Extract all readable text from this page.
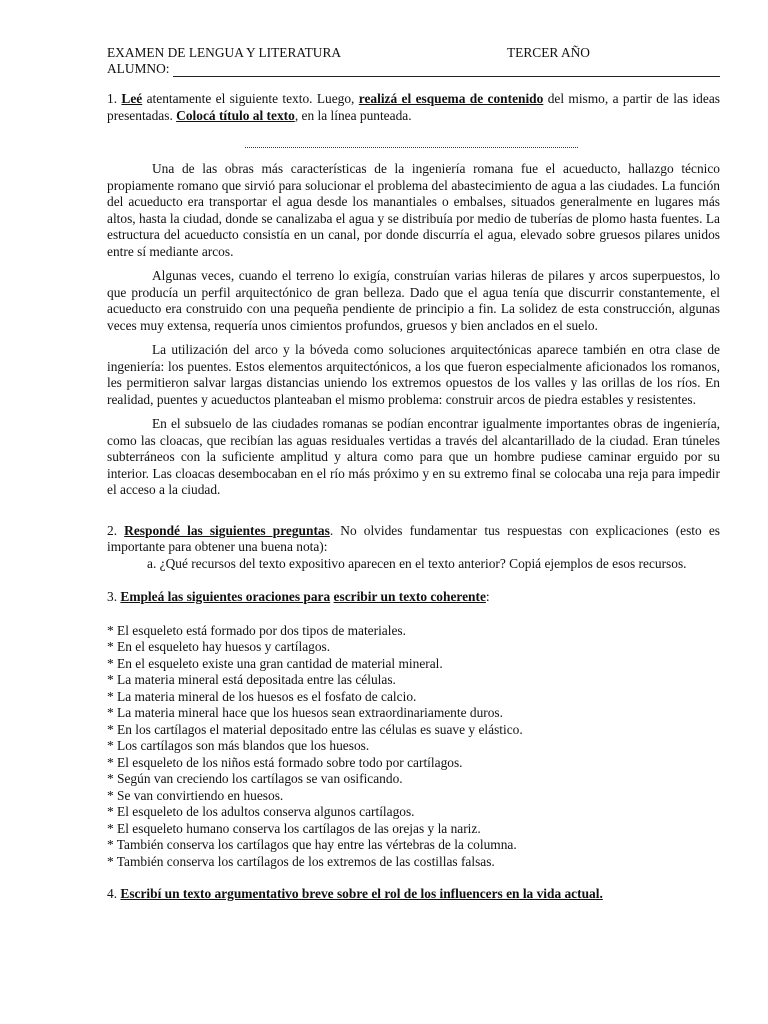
EXAMEN DE LENGUA Y LITERATURA	TERCER AÑO
ALUMNO:
1. Leé atentamente el siguiente texto. Luego, realizá el esquema de contenido del mismo, a partir de las ideas presentadas. Colocá título al texto, en la línea punteada.

Una de las obras más características de la ingeniería romana fue el acueducto, hallazgo técnico propiamente romano que sirvió para solucionar el problema del abastecimiento de agua a las ciudades. La función del acueducto era transportar el agua desde los manantiales o embalses, situados generalmente en lugares más altos, hasta la ciudad, donde se canalizaba el agua y se distribuía por medio de tuberías de plomo hasta fuentes. La estructura del acueducto consistía en un canal, por donde discurría el agua, elevado sobre gruesos pilares unidos entre sí mediante arcos.

Algunas veces, cuando el terreno lo exigía, construían varias hileras de pilares y arcos superpuestos, lo que producía un perfil arquitectónico de gran belleza. Dado que el agua tenía que discurrir constantemente, el acueducto era construido con una pequeña pendiente de principio a fin. La solidez de esta construcción, algunas veces muy extensa, requería unos cimientos profundos, gruesos y bien anclados en el suelo.

La utilización del arco y la bóveda como soluciones arquitectónicas aparece también en otra clase de ingeniería: los puentes. Estos elementos arquitectónicos, a los que fueron especialmente aficionados los romanos, les permitieron salvar largas distancias uniendo los extremos opuestos de los valles y las orillas de los ríos. En realidad, puentes y acueductos planteaban el mismo problema: construir arcos de piedra estables y resistentes.

En el subsuelo de las ciudades romanas se podían encontrar igualmente importantes obras de ingeniería, como las cloacas, que recibían las aguas residuales vertidas a través del alcantarillado de la ciudad. Eran túneles subterráneos con la suficiente amplitud y altura como para que un hombre pudiese caminar erguido por su interior. Las cloacas desembocaban en el río más próximo y en su extremo final se colocaba una reja para impedir el acceso a la ciudad.

2. Respondé las siguientes preguntas. No olvides fundamentar tus respuestas con explicaciones (esto es importante para obtener una buena nota):
a. ¿Qué recursos del texto expositivo aparecen en el texto anterior? Copiá ejemplos de esos recursos.
3. Empleá las siguientes oraciones para escribir un texto coherente:
* El esqueleto está formado por dos tipos de materiales.
* En el esqueleto hay huesos y cartílagos.
* En el esqueleto existe una gran cantidad de material mineral.
* La materia mineral está depositada entre las células.
* La materia mineral de los huesos es el fosfato de calcio.
* La materia mineral hace que los huesos sean extraordinariamente duros.
* En los cartílagos el material depositado entre las células es suave y elástico.
* Los cartílagos son más blandos que los huesos.
* El esqueleto de los niños está formado sobre todo por cartílagos.
* Según van creciendo los cartílagos se van osificando.
* Se van convirtiendo en huesos.
* El esqueleto de los adultos conserva algunos cartílagos.
* El esqueleto humano conserva los cartílagos de las orejas y la nariz.
* También conserva los cartílagos que hay entre las vértebras de la columna.
* También conserva los cartílagos de los extremos de las costillas falsas.
4. Escribí un texto argumentativo breve sobre el rol de los influencers en la vida actual.
